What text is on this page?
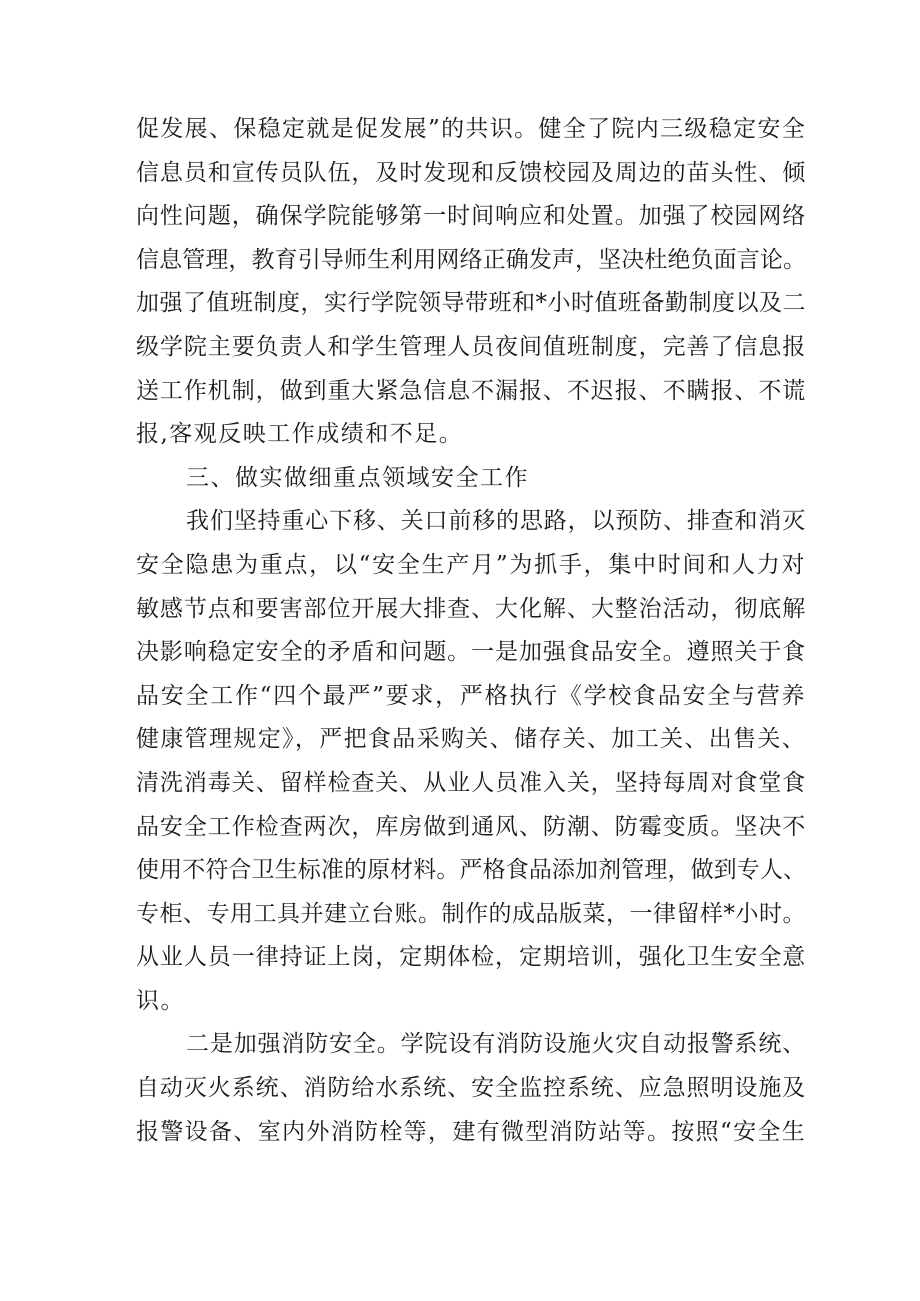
促发展、保稳定就是促发展”的共识。健全了院内三级稳定安全
信息员和宣传员队伍，及时发现和反馈校园及周边的苗头性、倾
向性问题，确保学院能够第一时间响应和处置。加强了校园网络
信息管理，教育引导师生利用网络正确发声，坚决杜绝负面言论。
加强了值班制度，实行学院领导带班和*小时值班备勤制度以及二
级学院主要负责人和学生管理人员夜间值班制度，完善了信息报
送工作机制，做到重大紧急信息不漏报、不迟报、不瞒报、不谎
报,客观反映工作成绩和不足。
三、做实做细重点领域安全工作
我们坚持重心下移、关口前移的思路，以预防、排查和消灭
安全隐患为重点，以“安全生产月”为抓手，集中时间和人力对
敏感节点和要害部位开展大排查、大化解、大整治活动，彻底解
决影响稳定安全的矛盾和问题。一是加强食品安全。遵照关于食
品安全工作“四个最严”要求，严格执行《学校食品安全与营养
健康管理规定》，严把食品采购关、储存关、加工关、出售关、
清洗消毒关、留样检查关、从业人员准入关，坚持每周对食堂食
品安全工作检查两次，库房做到通风、防潮、防霉变质。坚决不
使用不符合卫生标准的原材料。严格食品添加剂管理，做到专人、
专柜、专用工具并建立台账。制作的成品版菜，一律留样*小时。
从业人员一律持证上岗，定期体检，定期培训，强化卫生安全意
识。
二是加强消防安全。学院设有消防设施火灾自动报警系统、
自动灭火系统、消防给水系统、安全监控系统、应急照明设施及
报警设备、室内外消防栓等，建有微型消防站等。按照“安全生
